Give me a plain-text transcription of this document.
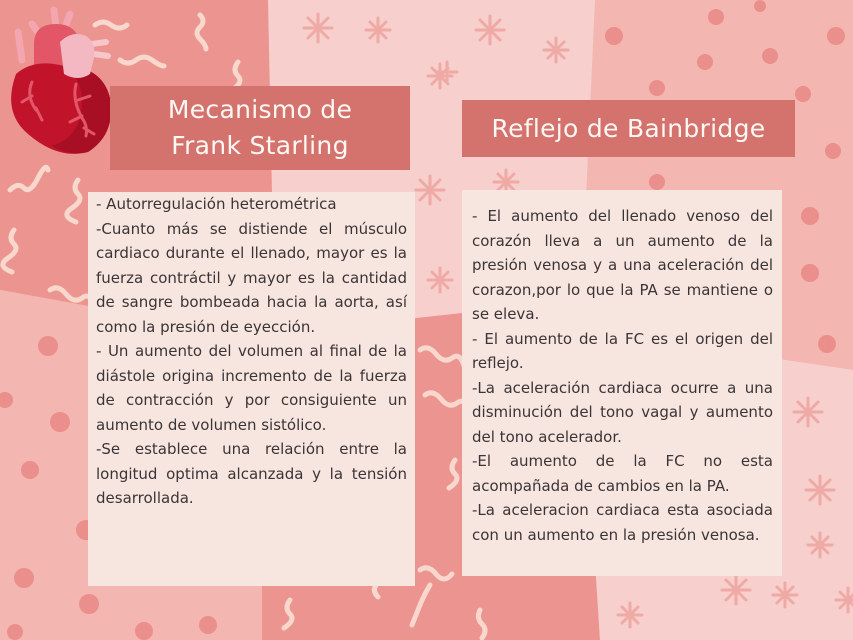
Mecanismo de
Frank Starling

- Autorregulación heterométrica

-Cuanto más se distiende el músculo cardiaco durante el llenado, mayor es la fuerza contráctil y mayor es la cantidad de sangre bombeada hacia la aorta, así como la presión de eyección.

- Un aumento del volumen al final de la diástole origina incremento de la fuerza de contracción y por consiguiente un aumento de volumen sistólico.

-Se establece una relación entre la longitud optima alcanzada y la tensión desarrollada.

Reflejo de Bainbridge

- El aumento del llenado venoso del corazón lleva a un aumento de la presión venosa y a una aceleración del corazon,por lo que la PA se mantiene o se eleva.

- El aumento de la FC es el origen del reflejo.

-La aceleración cardiaca ocurre a una disminución del tono vagal y aumento del tono acelerador.

-El aumento de la FC no esta acompañada de cambios en la PA.

-La aceleracion cardiaca esta asociada con un aumento en la presión venosa.
